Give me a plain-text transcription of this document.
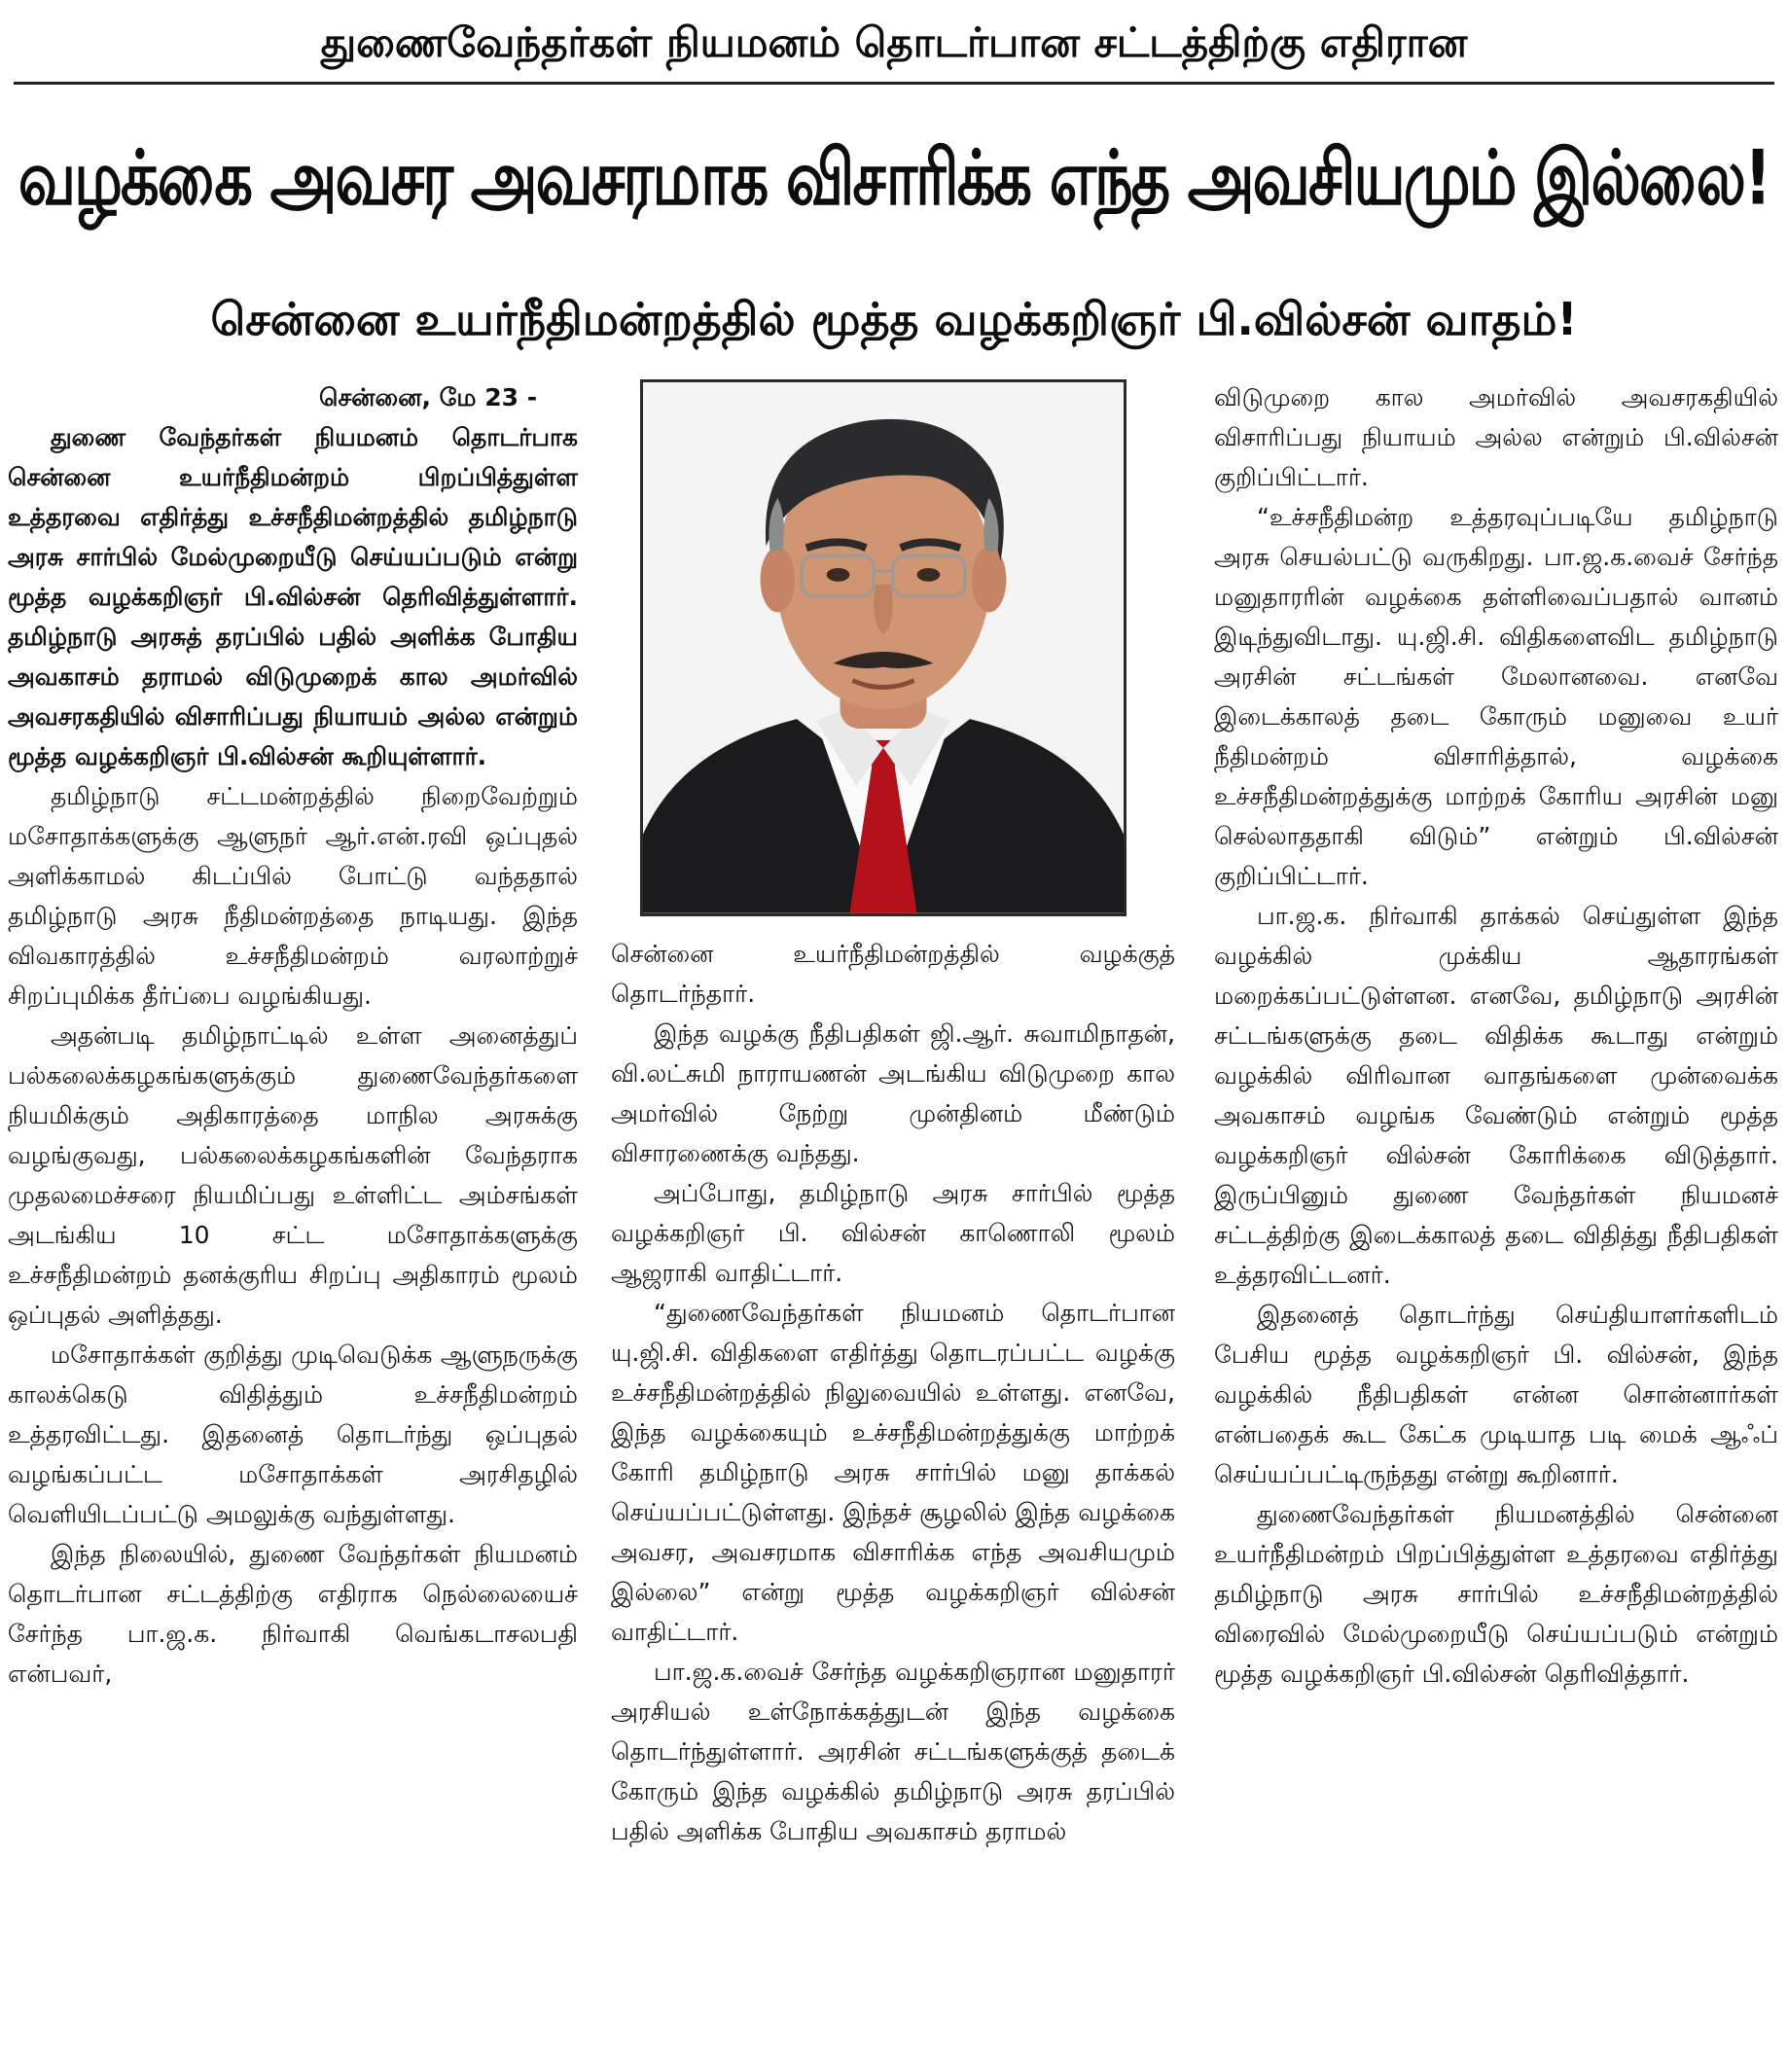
துணைவேந்தர்கள் நியமனம் தொடர்பான சட்டத்திற்கு எதிரான
வழக்கை அவசர அவசரமாக விசாரிக்க எந்த அவசியமும் இல்லை!
சென்னை உயர்நீதிமன்றத்தில் மூத்த வழக்கறிஞர் பி.வில்சன் வாதம்!

சென்னை, மே 23 -

துணை வேந்தர்கள் நியமனம் தொடர்பாக சென்னை உயர்நீதிமன்றம் பிறப்பித்துள்ள உத்தரவை எதிர்த்து உச்சநீதிமன்றத்தில் தமிழ்நாடு அரசு சார்பில் மேல்முறையீடு செய்யப்படும் என்று மூத்த வழக்கறிஞர் பி.வில்சன் தெரிவித்துள்ளார். தமிழ்நாடு அரசுத் தரப்பில் பதில் அளிக்க போதிய அவகாசம் தராமல் விடுமுறைக் கால அமர்வில் அவசரகதியில் விசாரிப்பது நியாயம் அல்ல என்றும் மூத்த வழக்கறிஞர் பி.வில்சன் கூறியுள்ளார்.

தமிழ்நாடு சட்டமன்றத்தில் நிறைவேற்றும் மசோதாக்களுக்கு ஆளுநர் ஆர்.என்.ரவி ஒப்புதல் அளிக்காமல் கிடப்பில் போட்டு வந்ததால் தமிழ்நாடு அரசு நீதிமன்றத்தை நாடியது. இந்த விவகாரத்தில் உச்சநீதிமன்றம் வரலாற்றுச் சிறப்புமிக்க தீர்ப்பை வழங்கியது.

அதன்படி தமிழ்நாட்டில் உள்ள அனைத்துப் பல்கலைக்கழகங்களுக்கும் துணைவேந்தர்களை நியமிக்கும் அதிகாரத்தை மாநில அரசுக்கு வழங்குவது, பல்கலைக்கழகங்களின் வேந்தராக முதலமைச்சரை நியமிப்பது உள்ளிட்ட அம்சங்கள் அடங்கிய 10 சட்ட மசோதாக்களுக்கு உச்சநீதிமன்றம் தனக்குரிய சிறப்பு அதிகாரம் மூலம் ஒப்புதல் அளித்தது.

மசோதாக்கள் குறித்து முடிவெடுக்க ஆளுநருக்கு காலக்கெடு விதித்தும் உச்சநீதிமன்றம் உத்தரவிட்டது. இதனைத் தொடர்ந்து ஒப்புதல் வழங்கப்பட்ட மசோதாக்கள் அரசிதழில் வெளியிடப்பட்டு அமலுக்கு வந்துள்ளது.

இந்த நிலையில், துணை வேந்தர்கள் நியமனம் தொடர்பான சட்டத்திற்கு எதிராக நெல்லையைச் சேர்ந்த பா.ஜ.க. நிர்வாகி வெங்கடாசலபதி என்பவர்,

சென்னை உயர்நீதிமன்றத்தில் வழக்குத் தொடர்ந்தார்.

இந்த வழக்கு நீதிபதிகள் ஜி.ஆர். சுவாமிநாதன், வி.லட்சுமி நாராயணன் அடங்கிய விடுமுறை கால அமர்வில் நேற்று முன்தினம் மீண்டும் விசாரணைக்கு வந்தது.

அப்போது, தமிழ்நாடு அரசு சார்பில் மூத்த வழக்கறிஞர் பி. வில்சன் காணொலி மூலம் ஆஜராகி வாதிட்டார்.

“துணைவேந்தர்கள் நியமனம் தொடர்பான யு.ஜி.சி. விதிகளை எதிர்த்து தொடரப்பட்ட வழக்கு உச்சநீதிமன்றத்தில் நிலுவையில் உள்ளது. எனவே, இந்த வழக்கையும் உச்சநீதிமன்றத்துக்கு மாற்றக் கோரி தமிழ்நாடு அரசு சார்பில் மனு தாக்கல் செய்யப்பட்டுள்ளது. இந்தச் சூழலில் இந்த வழக்கை அவசர, அவசரமாக விசாரிக்க எந்த அவசியமும் இல்லை” என்று மூத்த வழக்கறிஞர் வில்சன் வாதிட்டார்.

பா.ஜ.க.வைச் சேர்ந்த வழக்கறிஞரான மனுதாரர் அரசியல் உள்நோக்கத்துடன் இந்த வழக்கை தொடர்ந்துள்ளார். அரசின் சட்டங்களுக்குத் தடைக் கோரும் இந்த வழக்கில் தமிழ்நாடு அரசு தரப்பில் பதில் அளிக்க போதிய அவகாசம் தராமல்

விடுமுறை கால அமர்வில் அவசரகதியில் விசாரிப்பது நியாயம் அல்ல என்றும் பி.வில்சன் குறிப்பிட்டார்.

“உச்சநீதிமன்ற உத்தரவுப்படியே தமிழ்நாடு அரசு செயல்பட்டு வருகிறது. பா.ஜ.க.வைச் சேர்ந்த மனுதாரரின் வழக்கை தள்ளிவைப்பதால் வானம் இடிந்துவிடாது. யு.ஜி.சி. விதிகளைவிட தமிழ்நாடு அரசின் சட்டங்கள் மேலானவை. எனவே இடைக்காலத் தடை கோரும் மனுவை உயர் நீதிமன்றம் விசாரித்தால், வழக்கை உச்சநீதிமன்றத்துக்கு மாற்றக் கோரிய அரசின் மனு செல்லாததாகி விடும்” என்றும் பி.வில்சன் குறிப்பிட்டார்.

பா.ஜ.க. நிர்வாகி தாக்கல் செய்துள்ள இந்த வழக்கில் முக்கிய ஆதாரங்கள் மறைக்கப்பட்டுள்ளன. எனவே, தமிழ்நாடு அரசின் சட்டங்களுக்கு தடை விதிக்க கூடாது என்றும் வழக்கில் விரிவான வாதங்களை முன்வைக்க அவகாசம் வழங்க வேண்டும் என்றும் மூத்த வழக்கறிஞர் வில்சன் கோரிக்கை விடுத்தார். இருப்பினும் துணை வேந்தர்கள் நியமனச் சட்டத்திற்கு இடைக்காலத் தடை விதித்து நீதிபதிகள் உத்தரவிட்டனர்.

இதனைத் தொடர்ந்து செய்தியாளர்களிடம் பேசிய மூத்த வழக்கறிஞர் பி. வில்சன், இந்த வழக்கில் நீதிபதிகள் என்ன சொன்னார்கள் என்பதைக் கூட கேட்க முடியாத படி மைக் ஆஃப் செய்யப்பட்டிருந்தது என்று கூறினார்.

துணைவேந்தர்கள் நியமனத்தில் சென்னை உயர்நீதிமன்றம் பிறப்பித்துள்ள உத்தரவை எதிர்த்து தமிழ்நாடு அரசு சார்பில் உச்சநீதிமன்றத்தில் விரைவில் மேல்முறையீடு செய்யப்படும் என்றும் மூத்த வழக்கறிஞர் பி.வில்சன் தெரிவித்தார்.
